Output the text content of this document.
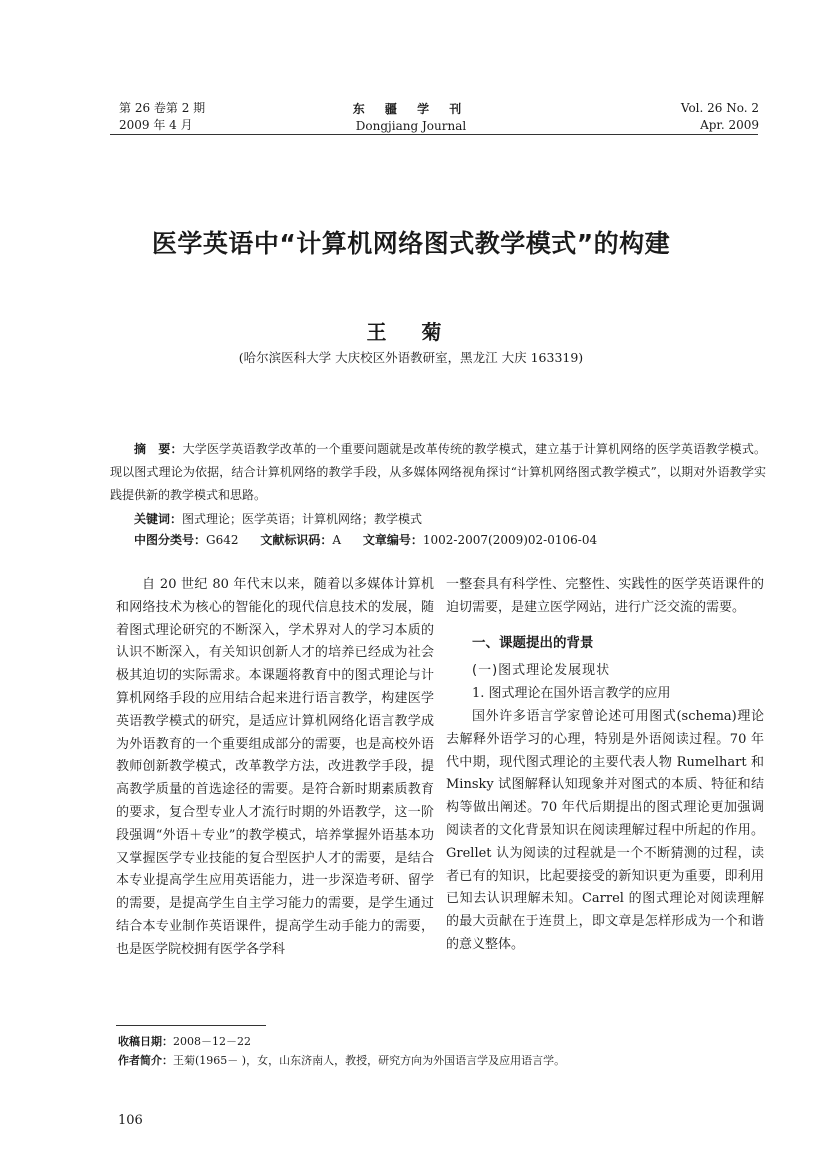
第 26 卷第 2 期
2009 年 4 月
东 疆 学 刊
Dongjiang Journal
Vol. 26 No. 2
Apr. 2009
医学英语中“计算机网络图式教学模式”的构建
王 菊
(哈尔滨医科大学 大庆校区外语教研室，黑龙江 大庆 163319)

摘　要：大学医学英语教学改革的一个重要问题就是改革传统的教学模式，建立基于计算机网络的医学英语教学模式。现以图式理论为依据，结合计算机网络的教学手段，从多媒体网络视角探讨“计算机网络图式教学模式”，以期对外语教学实践提供新的教学模式和思路。

关键词：图式理论；医学英语；计算机网络；教学模式
中图分类号：G642 文献标识码：A 文章编号：1002-2007(2009)02-0106-04

自 20 世纪 80 年代末以来，随着以多媒体计算机和网络技术为核心的智能化的现代信息技术的发展，随着图式理论研究的不断深入，学术界对人的学习本质的认识不断深入，有关知识创新人才的培养已经成为社会极其迫切的实际需求。本课题将教育中的图式理论与计算机网络手段的应用结合起来进行语言教学，构建医学英语教学模式的研究，是适应计算机网络化语言教学成为外语教育的一个重要组成部分的需要，也是高校外语教师创新教学模式，改革教学方法，改进教学手段，提高教学质量的首选途径的需要。是符合新时期素质教育的要求，复合型专业人才流行时期的外语教学，这一阶段强调“外语＋专业”的教学模式，培养掌握外语基本功又掌握医学专业技能的复合型医护人才的需要，是结合本专业提高学生应用英语能力，进一步深造考研、留学的需要，是提高学生自主学习能力的需要，是学生通过结合本专业制作英语课件，提高学生动手能力的需要，也是医学院校拥有医学各学科

一整套具有科学性、完整性、实践性的医学英语课件的迫切需要，是建立医学网站，进行广泛交流的需要。

一、课题提出的背景

(一)图式理论发展现状

1. 图式理论在国外语言教学的应用

国外许多语言学家曾论述可用图式(schema)理论去解释外语学习的心理，特别是外语阅读过程。70 年代中期，现代图式理论的主要代表人物 Rumelhart 和 Minsky 试图解释认知现象并对图式的本质、特征和结构等做出阐述。70 年代后期提出的图式理论更加强调阅读者的文化背景知识在阅读理解过程中所起的作用。Grellet 认为阅读的过程就是一个不断猜测的过程，读者已有的知识，比起要接受的新知识更为重要，即利用已知去认识理解未知。Carrel 的图式理论对阅读理解的最大贡献在于连贯上，即文章是怎样形成为一个和谐的意义整体。

收稿日期：2008－12－22
作者简介：王菊(1965－ )，女，山东济南人，教授，研究方向为外国语言学及应用语言学。
106
